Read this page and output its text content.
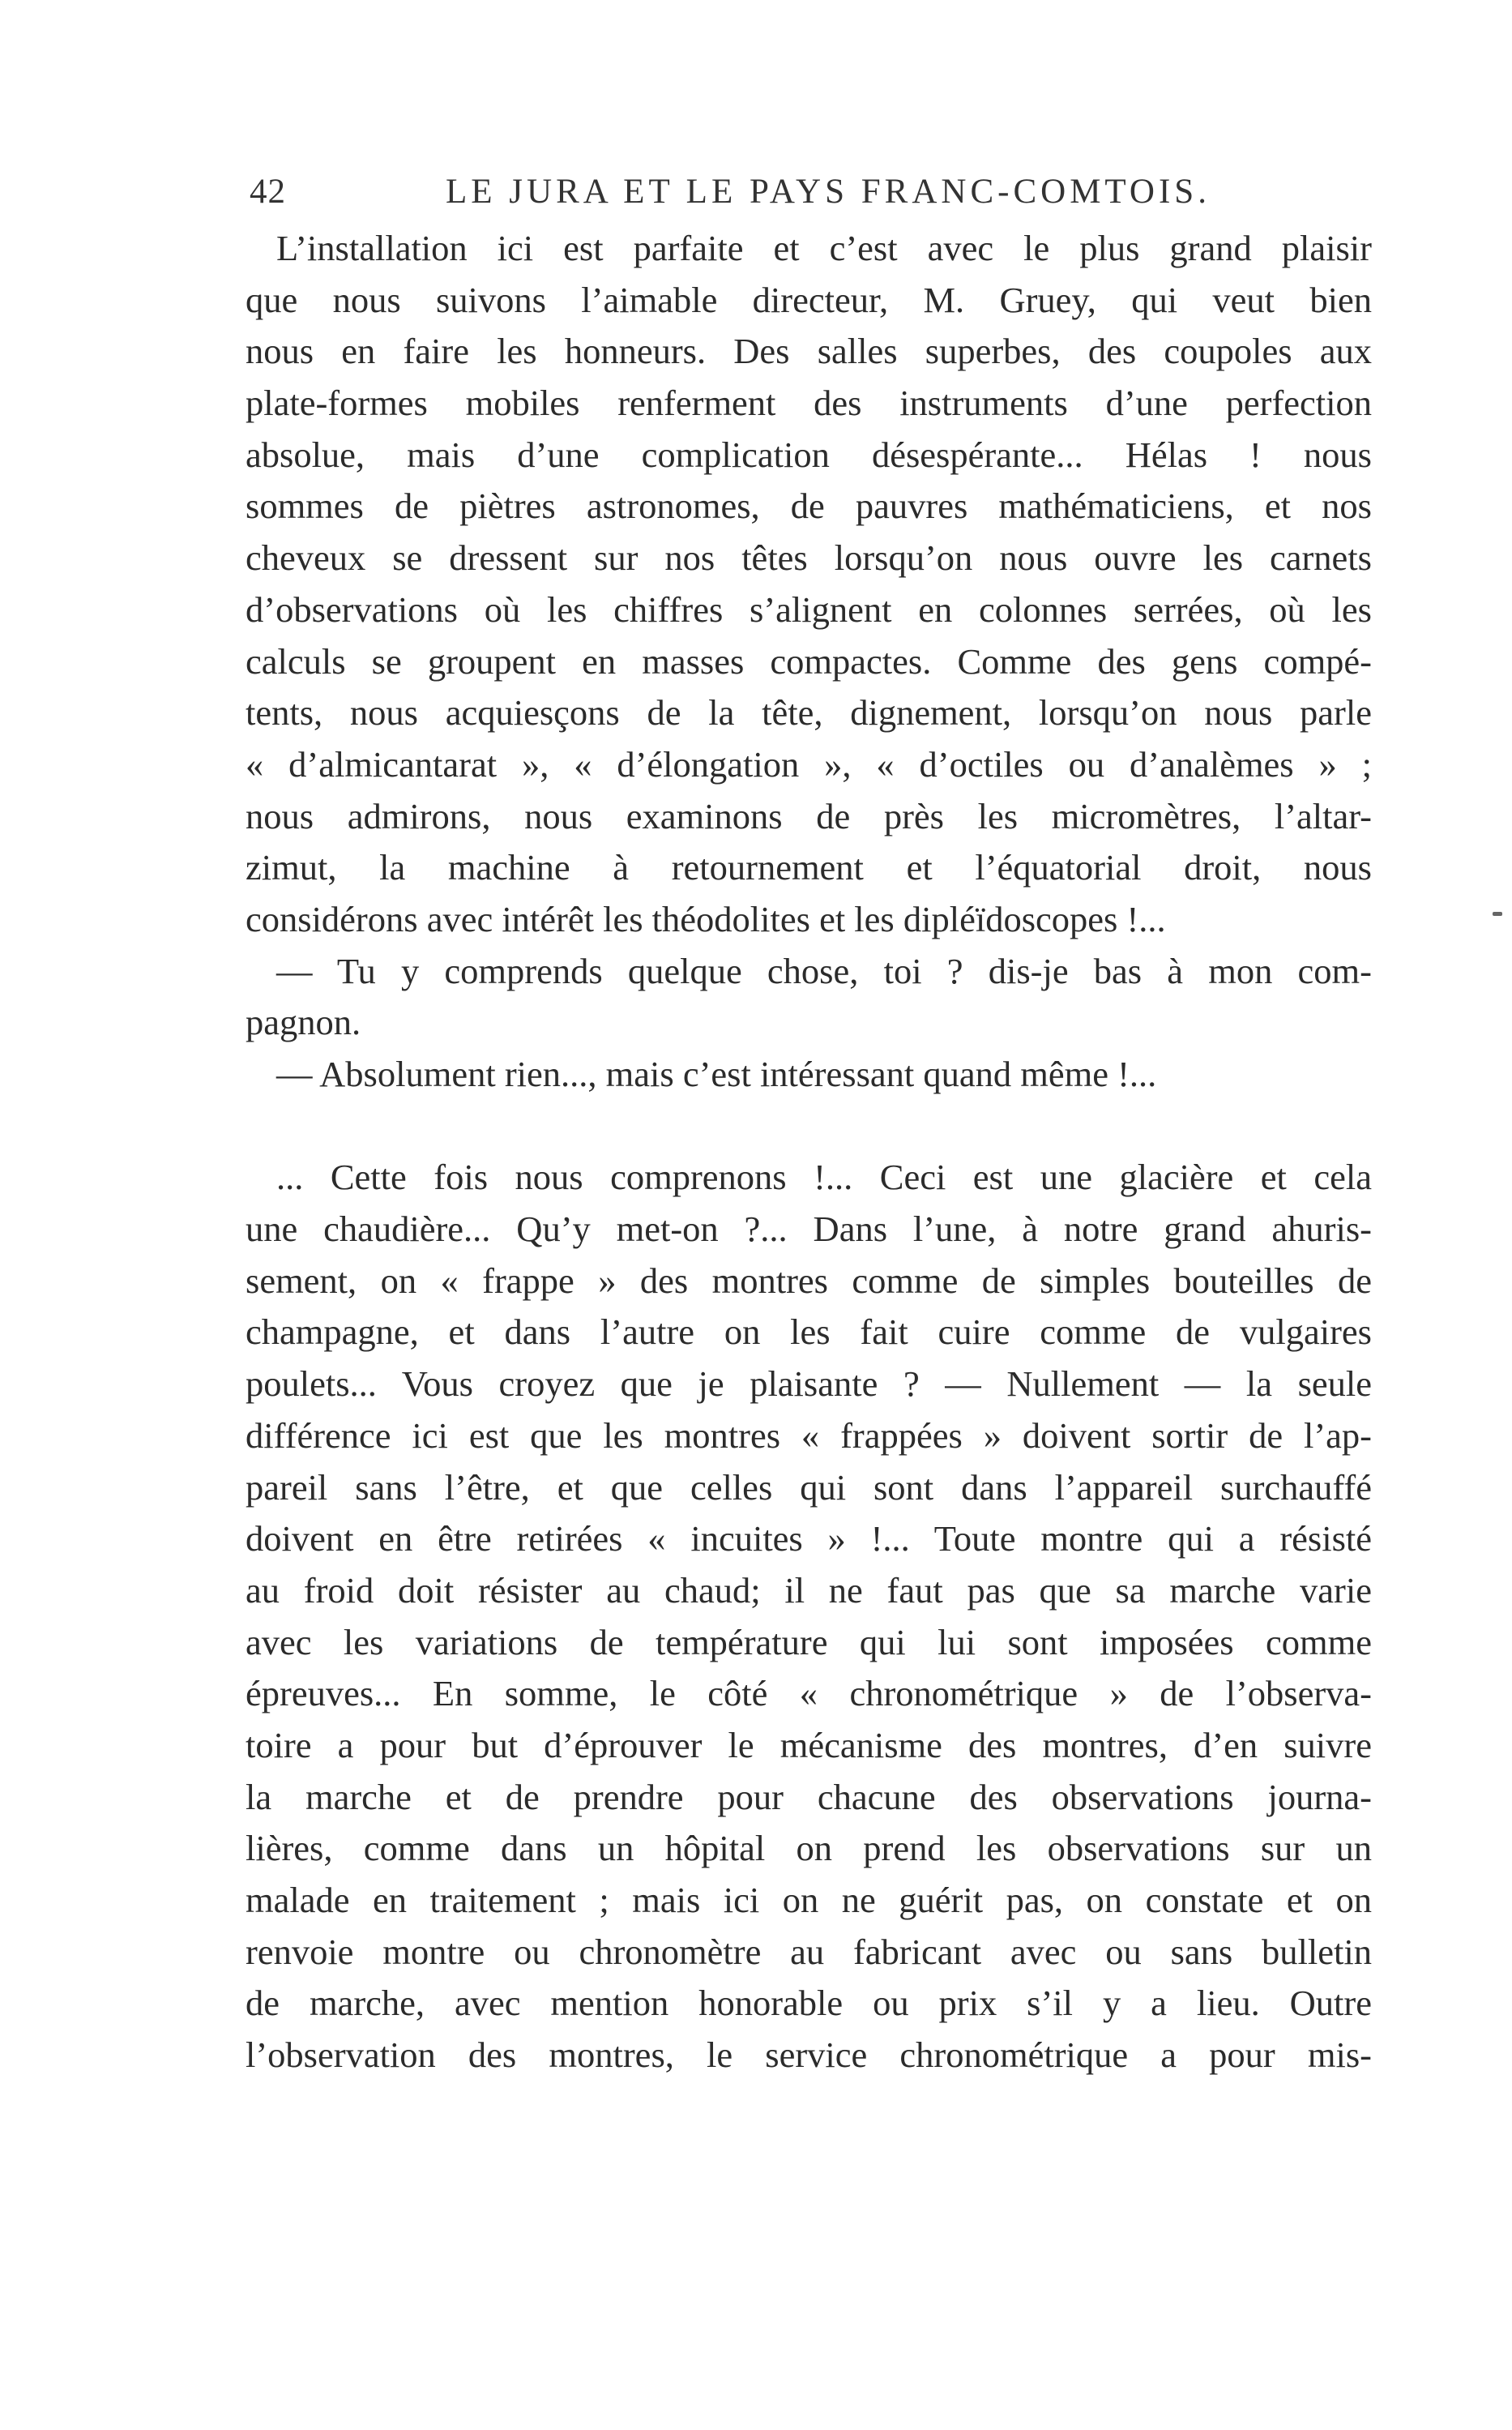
42	LE JURA ET LE PAYS FRANC-COMTOIS.
L’installation ici est parfaite et c’est avec le plus grand plaisir
que nous suivons l’aimable directeur, M. Gruey, qui veut bien
nous en faire les honneurs. Des salles superbes, des coupoles aux
plate-formes mobiles renferment des instruments d’une perfection
absolue, mais d’une complication désespérante... Hélas ! nous
sommes de piètres astronomes, de pauvres mathématiciens, et nos
cheveux se dressent sur nos têtes lorsqu’on nous ouvre les carnets
d’observations où les chiffres s’alignent en colonnes serrées, où les
calculs se groupent en masses compactes. Comme des gens compé-
tents, nous acquiesçons de la tête, dignement, lorsqu’on nous parle
« d’almicantarat », « d’élongation », « d’octiles ou d’analèmes » ;
nous admirons, nous examinons de près les micromètres, l’altar-
zimut, la machine à retournement et l’équatorial droit, nous
considérons avec intérêt les théodolites et les dipléïdoscopes !...
— Tu y comprends quelque chose, toi ? dis-je bas à mon com-
pagnon.
— Absolument rien..., mais c’est intéressant quand même !...
... Cette fois nous comprenons !... Ceci est une glacière et cela
une chaudière... Qu’y met-on ?... Dans l’une, à notre grand ahuris-
sement, on « frappe » des montres comme de simples bouteilles de
champagne, et dans l’autre on les fait cuire comme de vulgaires
poulets... Vous croyez que je plaisante ? — Nullement — la seule
différence ici est que les montres « frappées » doivent sortir de l’ap-
pareil sans l’être, et que celles qui sont dans l’appareil surchauffé
doivent en être retirées « incuites » !... Toute montre qui a résisté
au froid doit résister au chaud; il ne faut pas que sa marche varie
avec les variations de température qui lui sont imposées comme
épreuves... En somme, le côté « chronométrique » de l’observa-
toire a pour but d’éprouver le mécanisme des montres, d’en suivre
la marche et de prendre pour chacune des observations journa-
lières, comme dans un hôpital on prend les observations sur un
malade en traitement ; mais ici on ne guérit pas, on constate et on
renvoie montre ou chronomètre au fabricant avec ou sans bulletin
de marche, avec mention honorable ou prix s’il y a lieu. Outre
l’observation des montres, le service chronométrique a pour mis-
